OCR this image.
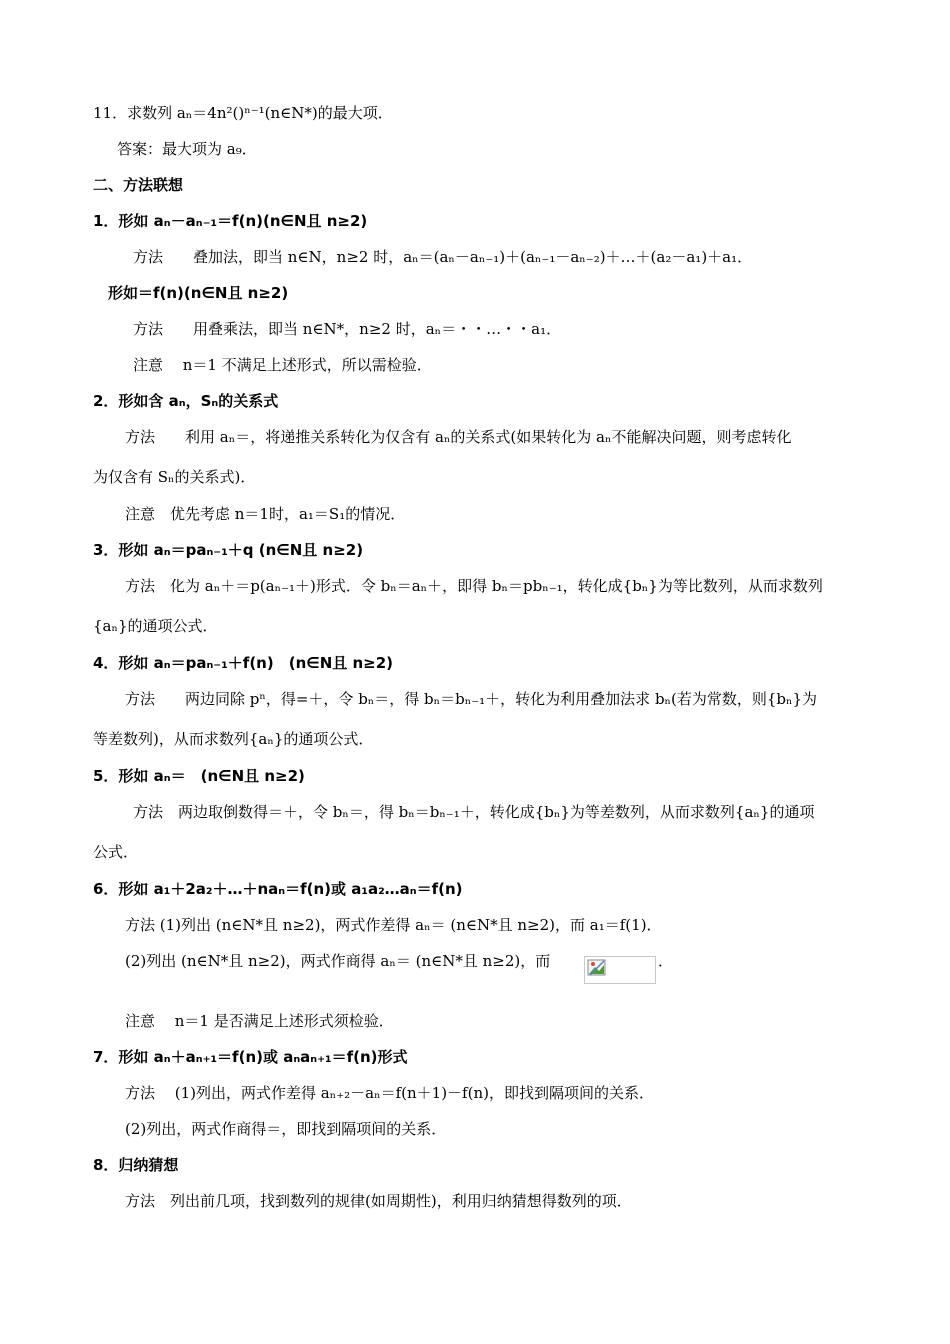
11．求数列 aₙ＝4n²()ⁿ⁻¹(n∈N*)的最大项．
答案：最大项为 a₉．
二、方法联想
1．形如 aₙ－aₙ₋₁＝f(n)(n∈N且 n≥2)
方法　　叠加法，即当 n∈N，n≥2 时，aₙ＝(aₙ－aₙ₋₁)＋(aₙ₋₁－aₙ₋₂)＋…＋(a₂－a₁)＋a₁．
形如＝f(n)(n∈N且 n≥2)
方法　　用叠乘法，即当 n∈N*，n≥2 时，aₙ＝・・…・・a₁．
注意　 n＝1 不满足上述形式，所以需检验．
2．形如含 aₙ，Sₙ的关系式
方法　　利用 aₙ＝，将递推关系转化为仅含有 aₙ的关系式(如果转化为 aₙ不能解决问题，则考虑转化
为仅含有 Sₙ的关系式)．
注意　优先考虑 n＝1时，a₁＝S₁的情况．
3．形如 aₙ＝paₙ₋₁＋q (n∈N且 n≥2)
方法　化为 aₙ＋＝p(aₙ₋₁＋)形式．令 bₙ＝aₙ＋，即得 bₙ＝pbₙ₋₁，转化成{bₙ}为等比数列，从而求数列
{aₙ}的通项公式．
4．形如 aₙ＝paₙ₋₁＋f(n)　(n∈N且 n≥2)
方法　　两边同除 pⁿ，得=＋，令 bₙ＝，得 bₙ＝bₙ₋₁＋，转化为利用叠加法求 bₙ(若为常数，则{bₙ}为
等差数列)，从而求数列{aₙ}的通项公式．
5．形如 aₙ＝　(n∈N且 n≥2)
方法　两边取倒数得＝＋，令 bₙ＝，得 bₙ＝bₙ₋₁＋，转化成{bₙ}为等差数列，从而求数列{aₙ}的通项
公式．
6．形如 a₁＋2a₂＋…＋naₙ＝f(n)或 a₁a₂…aₙ＝f(n)
方法 (1)列出 (n∈N*且 n≥2)，两式作差得 aₙ＝ (n∈N*且 n≥2)，而 a₁＝f(1)．
(2)列出 (n∈N*且 n≥2)，两式作商得 aₙ＝ (n∈N*且 n≥2)，而	．
注意　 n＝1 是否满足上述形式须检验．
7．形如 aₙ＋aₙ₊₁＝f(n)或 aₙaₙ₊₁＝f(n)形式
方法　 (1)列出，两式作差得 aₙ₊₂－aₙ＝f(n＋1)－f(n)，即找到隔项间的关系．
(2)列出，两式作商得＝，即找到隔项间的关系．
8．归纳猜想
方法　列出前几项，找到数列的规律(如周期性)，利用归纳猜想得数列的项．
